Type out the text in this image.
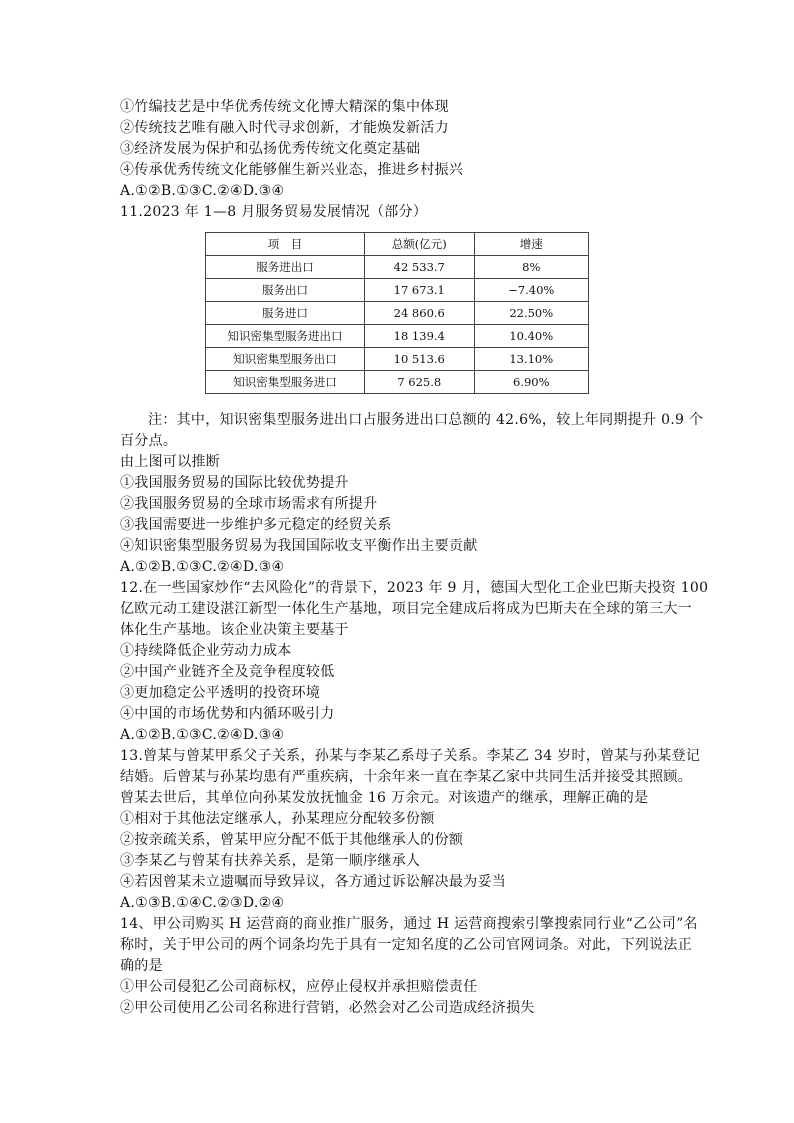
①竹编技艺是中华优秀传统文化博大精深的集中体现
②传统技艺唯有融入时代寻求创新，才能焕发新活力
③经济发展为保护和弘扬优秀传统文化奠定基础
④传承优秀传统文化能够催生新兴业态，推进乡村振兴
A.①②B.①③C.②④D.③④
11.2023 年 1—8 月服务贸易发展情况（部分）
项　目	总额(亿元)	增速
服务进出口	42 533.7	8%
服务出口	17 673.1	−7.40%
服务进口	24 860.6	22.50%
知识密集型服务进出口	18 139.4	10.40%
知识密集型服务出口	10 513.6	13.10%
知识密集型服务进口	7 625.8	6.90%
注：其中，知识密集型服务进出口占服务进出口总额的 42.6%，较上年同期提升 0.9 个
百分点。
由上图可以推断
①我国服务贸易的国际比较优势提升
②我国服务贸易的全球市场需求有所提升
③我国需要进一步维护多元稳定的经贸关系
④知识密集型服务贸易为我国国际收支平衡作出主要贡献
A.①②B.①③C.②④D.③④
12.在一些国家炒作“去风险化”的背景下，2023 年 9 月，德国大型化工企业巴斯夫投资 100
亿欧元动工建设湛江新型一体化生产基地，项目完全建成后将成为巴斯夫在全球的第三大一
体化生产基地。该企业决策主要基于
①持续降低企业劳动力成本
②中国产业链齐全及竞争程度较低
③更加稳定公平透明的投资环境
④中国的市场优势和内循环吸引力
A.①②B.①③C.②④D.③④
13.曾某与曾某甲系父子关系，孙某与李某乙系母子关系。李某乙 34 岁时，曾某与孙某登记
结婚。后曾某与孙某均患有严重疾病，十余年来一直在李某乙家中共同生活并接受其照顾。
曾某去世后，其单位向孙某发放抚恤金 16 万余元。对该遗产的继承，理解正确的是
①相对于其他法定继承人，孙某理应分配较多份额
②按亲疏关系，曾某甲应分配不低于其他继承人的份额
③李某乙与曾某有扶养关系，是第一顺序继承人
④若因曾某未立遗嘱而导致异议，各方通过诉讼解决最为妥当
A.①③B.①④C.②③D.②④
14、甲公司购买 H 运营商的商业推广服务，通过 H 运营商搜索引擎搜索同行业“乙公司”名
称时，关于甲公司的两个词条均先于具有一定知名度的乙公司官网词条。对此，下列说法正
确的是
①甲公司侵犯乙公司商标权，应停止侵权并承担赔偿责任
②甲公司使用乙公司名称进行营销，必然会对乙公司造成经济损失
